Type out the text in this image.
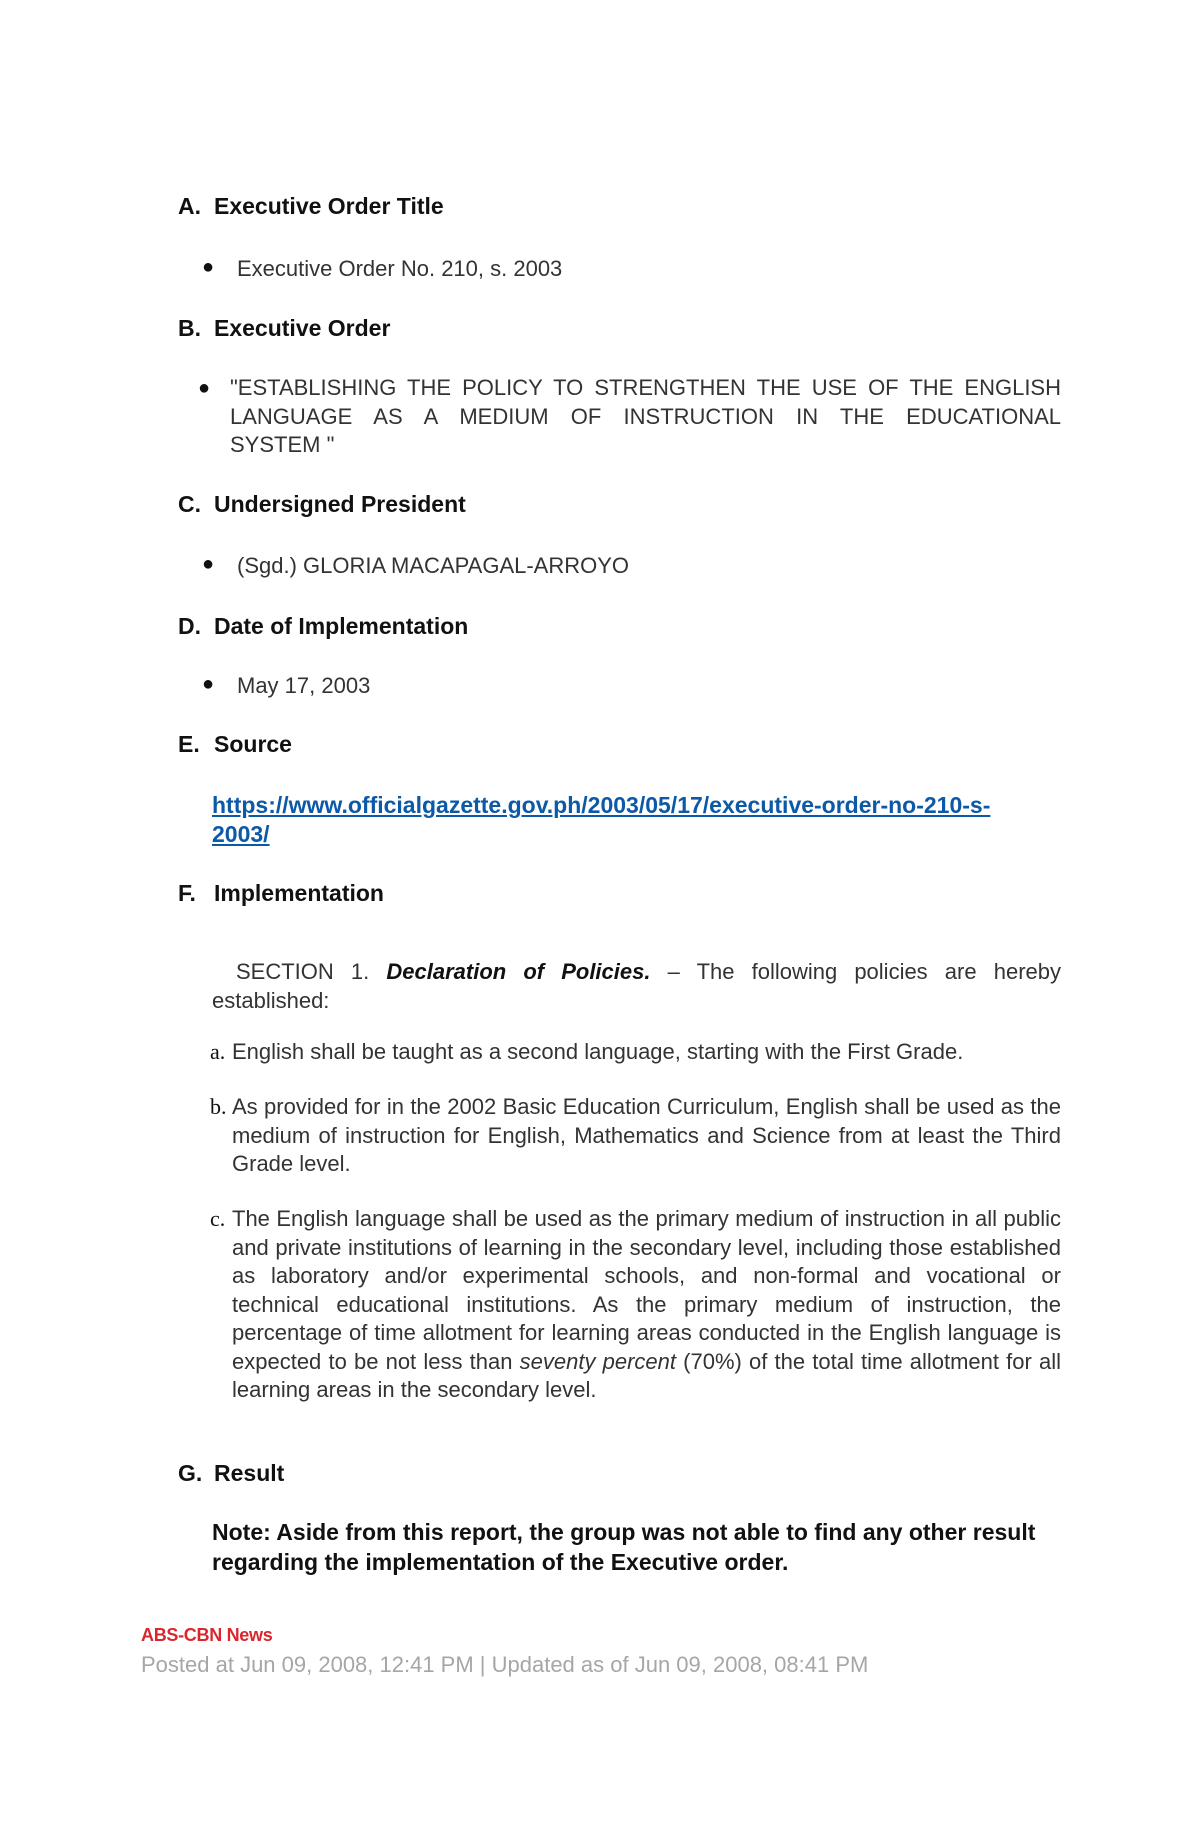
A. Executive Order Title
● Executive Order No. 210, s. 2003
B. Executive Order
● "ESTABLISHING THE POLICY TO STRENGTHEN THE USE OF THE ENGLISH
LANGUAGE AS A MEDIUM OF INSTRUCTION IN THE EDUCATIONAL
SYSTEM "
C. Undersigned President
● (Sgd.) GLORIA MACAPAGAL-ARROYO
D. Date of Implementation
● May 17, 2003
E. Source
https://www.officialgazette.gov.ph/2003/05/17/executive-order-no-210-s-
2003/
F. Implementation
SECTION 1. Declaration of Policies. – The following policies are hereby established:
a. English shall be taught as a second language, starting with the First Grade.
b. As provided for in the 2002 Basic Education Curriculum, English shall be used as the medium of instruction for English, Mathematics and Science from at least the Third Grade level.
c. The English language shall be used as the primary medium of instruction in all public and private institutions of learning in the secondary level, including those established as laboratory and/or experimental schools, and non-formal and vocational or technical educational institutions. As the primary medium of instruction, the percentage of time allotment for learning areas conducted in the English language is expected to be not less than seventy percent (70%) of the total time allotment for all learning areas in the secondary level.
G. Result
Note: Aside from this report, the group was not able to find any other result regarding the implementation of the Executive order.
ABS-CBN News
Posted at Jun 09, 2008, 12:41 PM | Updated as of Jun 09, 2008, 08:41 PM
